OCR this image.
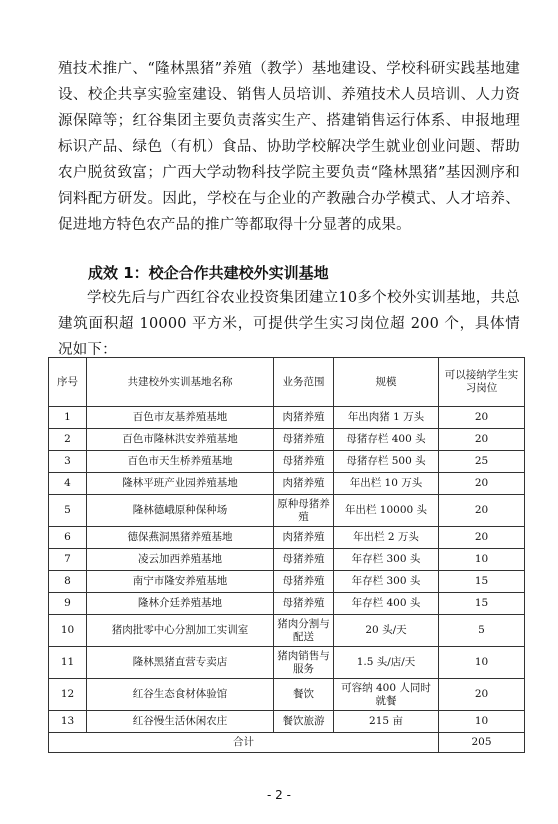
殖技术推广、“隆林黑猪”养殖（教学）基地建设、学校科研实践基地建设、校企共享实验室建设、销售人员培训、养殖技术人员培训、人力资源保障等；红谷集团主要负责落实生产、搭建销售运行体系、申报地理标识产品、绿色（有机）食品、协助学校解决学生就业创业问题、帮助农户脱贫致富；广西大学动物科技学院主要负责“隆林黑猪”基因测序和饲料配方研发。因此，学校在与企业的产教融合办学模式、人才培养、促进地方特色农产品的推广等都取得十分显著的成果。

成效 1：校企合作共建校外实训基地

学校先后与广西红谷农业投资集团建立10多个校外实训基地，共总建筑面积超 10000 平方米，可提供学生实习岗位超 200 个，具体情况如下：

序号	共建校外实训基地名称	业务范围	规模	可以接纳学生实习岗位
1	百色市友基养殖基地	肉猪养殖	年出肉猪 1 万头	20
2	百色市隆林洪安养殖基地	母猪养殖	母猪存栏 400 头	20
3	百色市天生桥养殖基地	母猪养殖	母猪存栏 500 头	25
4	隆林平班产业园养殖基地	肉猪养殖	年出栏 10 万头	20
5	隆林德峨原种保种场	原种母猪养殖	年出栏 10000 头	20
6	德保燕洞黑猪养殖基地	肉猪养殖	年出栏 2 万头	20
7	凌云加西养殖基地	母猪养殖	年存栏 300 头	10
8	南宁市隆安养殖基地	母猪养殖	年存栏 300 头	15
9	隆林介廷养殖基地	母猪养殖	年存栏 400 头	15
10	猪肉批零中心分割加工实训室	猪肉分割与配送	20 头/天	5
11	隆林黑猪直营专卖店	猪肉销售与服务	1.5 头/店/天	10
12	红谷生态食材体验馆	餐饮	可容纳 400 人同时就餐	20
13	红谷慢生活休闲农庄	餐饮旅游	215 亩	10
合计				205
- 2 -
